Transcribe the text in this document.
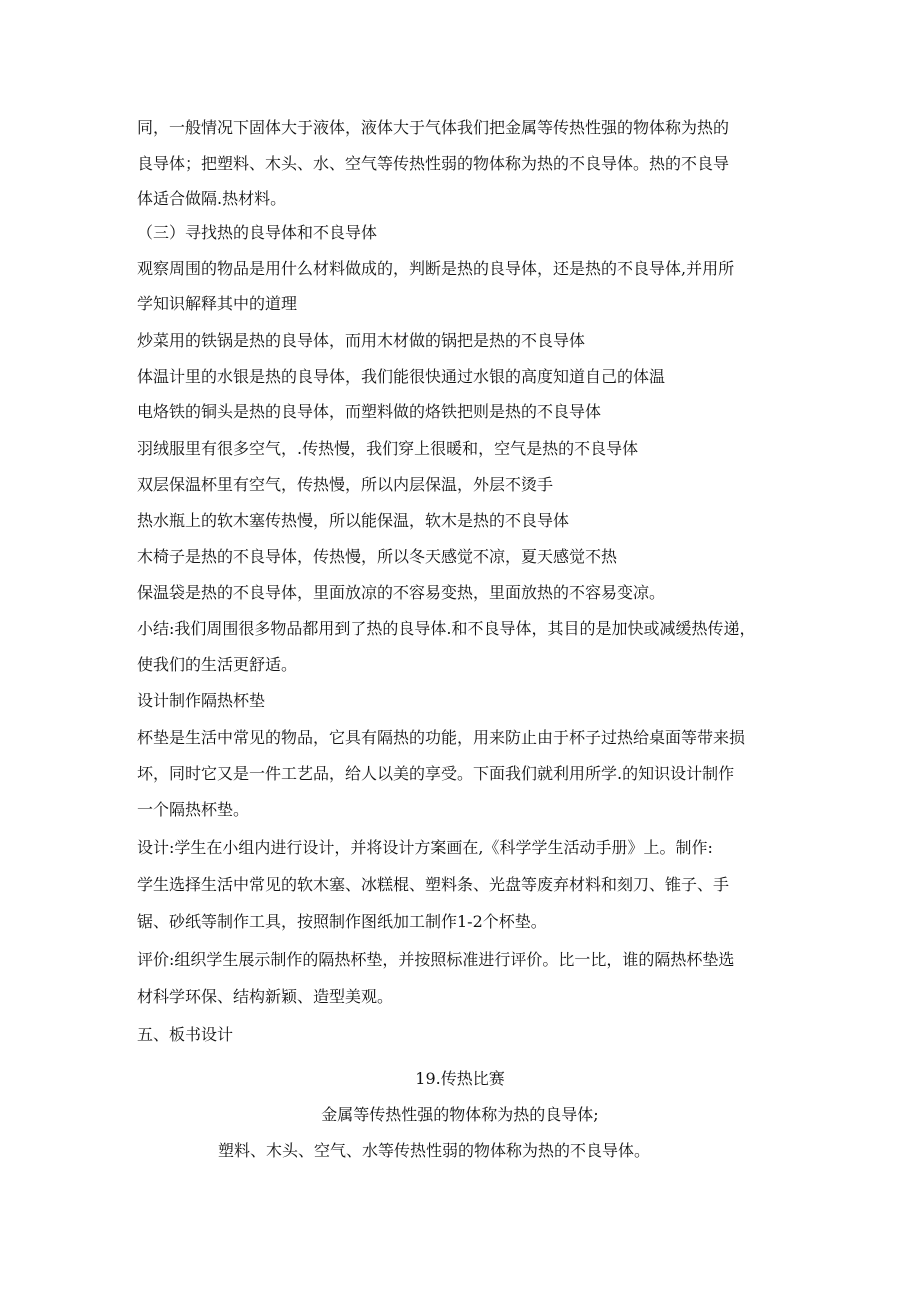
同，一般情况下固体大于液体，液体大于气体我们把金属等传热性强的物体称为热的
良导体；把塑料、木头、水、空气等传热性弱的物体称为热的不良导体。热的不良导
体适合做隔.热材料。
（三）寻找热的良导体和不良导体
观察周围的物品是用什么材料做成的，判断是热的良导体，还是热的不良导体,并用所
学知识解释其中的道理
炒菜用的铁锅是热的良导体，而用木材做的锅把是热的不良导体
体温计里的水银是热的良导体，我们能很快通过水银的高度知道自己的体温
电烙铁的铜头是热的良导体，而塑料做的烙铁把则是热的不良导体
羽绒服里有很多空气，.传热慢，我们穿上很暖和，空气是热的不良导体
双层保温杯里有空气，传热慢，所以内层保温，外层不烫手
热水瓶上的软木塞传热慢，所以能保温，软木是热的不良导体
木椅子是热的不良导体，传热慢，所以冬天感觉不凉，夏天感觉不热
保温袋是热的不良导体，里面放凉的不容易变热，里面放热的不容易变凉。
小结:我们周围很多物品都用到了热的良导体.和不良导体，其目的是加快或减缓热传递，
使我们的生活更舒适。
设计制作隔热杯垫
杯垫是生活中常见的物品，它具有隔热的功能，用来防止由于杯子过热给桌面等带来损
坏，同时它又是一件工艺品，给人以美的享受。下面我们就利用所学.的知识设计制作
一个隔热杯垫。
设计:学生在小组内进行设计，并将设计方案画在,《科学学生活动手册》上。制作:
学生选择生活中常见的软木塞、冰糕棍、塑料条、光盘等废弃材料和刻刀、锥子、手
锯、砂纸等制作工具，按照制作图纸加工制作1-2个杯垫。
评价:组织学生展示制作的隔热杯垫，并按照标准进行评价。比一比，谁的隔热杯垫选
材科学环保、结构新颖、造型美观。
五、板书设计
19.传热比赛
金属等传热性强的物体称为热的良导体;
塑料、木头、空气、水等传热性弱的物体称为热的不良导体。
